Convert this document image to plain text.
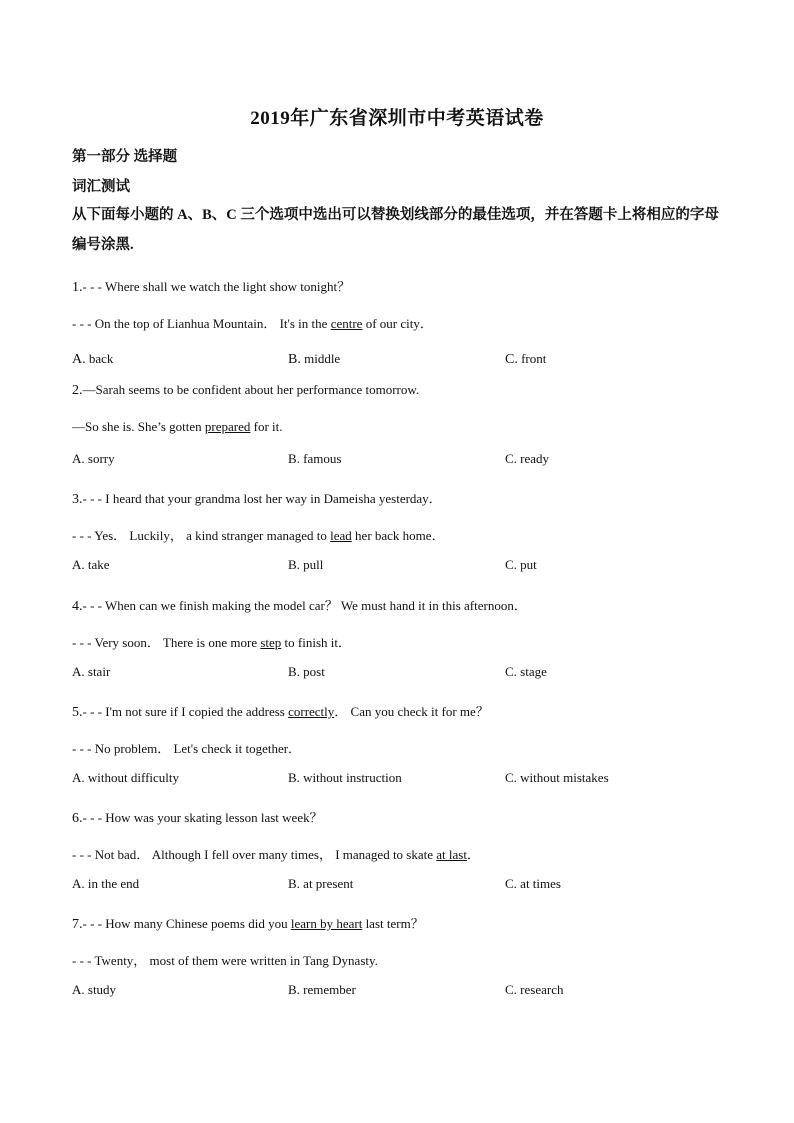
2019年广东省深圳市中考英语试卷
第一部分 选择题
词汇测试
从下面每小题的 A、B、C 三个选项中选出可以替换划线部分的最佳选项，并在答题卡上将相应的字母编号涂黑.
1.- - - Where shall we watch the light show tonight？
- - - On the top of Lianhua Mountain． It's in the centre of our city．
A. back	B. middle	C. front
2.—Sarah seems to be confident about her performance tomorrow.
—So she is. She’s gotten prepared for it.
A. sorry	B. famous	C. ready
3.- - - I heard that your grandma lost her way in Dameisha yesterday．
- - - Yes． Luckily， a kind stranger managed to lead her back home．
A. take	B. pull	C. put
4.- - - When can we finish making the model car？ We must hand it in this afternoon．
- - - Very soon． There is one more step to finish it．
A. stair	B. post	C. stage
5.- - - I'm not sure if I copied the address correctly． Can you check it for me？
- - - No problem． Let's check it together．
A. without difficulty	B. without instruction	C. without mistakes
6.- - - How was your skating lesson last week？
- - - Not bad． Although I fell over many times， I managed to skate at last．
A. in the end	B. at present	C. at times
7.- - - How many Chinese poems did you learn by heart last term？
- - - Twenty， most of them were written in Tang Dynasty.
A. study	B. remember	C. research
